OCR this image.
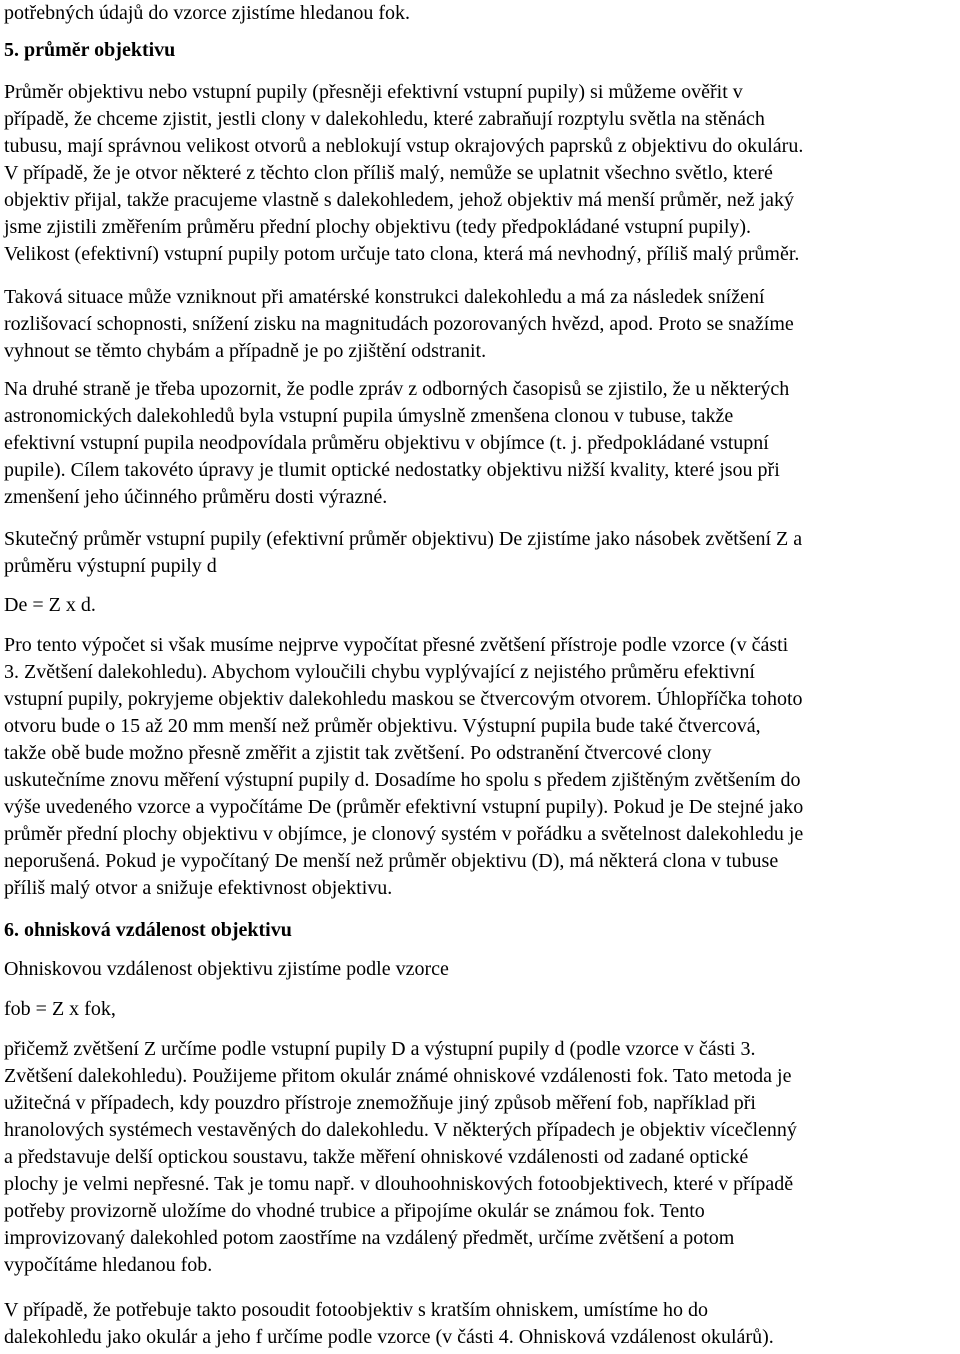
potřebných údajů do vzorce zjistíme hledanou fok.
5. průměr objektivu
Průměr objektivu nebo vstupní pupily (přesněji efektivní vstupní pupily) si můžeme ověřit v
případě, že chceme zjistit, jestli clony v dalekohledu, které zabraňují rozptylu světla na stěnách
tubusu, mají správnou velikost otvorů a neblokují vstup okrajových paprsků z objektivu do okuláru.
V případě, že je otvor některé z těchto clon příliš malý, nemůže se uplatnit všechno světlo, které
objektiv přijal, takže pracujeme vlastně s dalekohledem, jehož objektiv má menší průměr, než jaký
jsme zjistili změřením průměru přední plochy objektivu (tedy předpokládané vstupní pupily).
Velikost (efektivní) vstupní pupily potom určuje tato clona, která má nevhodný, příliš malý průměr.
Taková situace může vzniknout při amatérské konstrukci dalekohledu a má za následek snížení
rozlišovací schopnosti, snížení zisku na magnitudách pozorovaných hvězd, apod. Proto se snažíme
vyhnout se těmto chybám a případně je po zjištění odstranit.
Na druhé straně je třeba upozornit, že podle zpráv z odborných časopisů se zjistilo, že u některých
astronomických dalekohledů byla vstupní pupila úmyslně zmenšena clonou v tubuse, takže
efektivní vstupní pupila neodpovídala průměru objektivu v objímce (t. j. předpokládané vstupní
pupile). Cílem takovéto úpravy je tlumit optické nedostatky objektivu nižší kvality, které jsou při
zmenšení jeho účinného průměru dosti výrazné.
Skutečný průměr vstupní pupily (efektivní průměr objektivu) De zjistíme jako násobek zvětšení Z a
průměru výstupní pupily d
De = Z x d.
Pro tento výpočet si však musíme nejprve vypočítat přesné zvětšení přístroje podle vzorce (v části
3. Zvětšení dalekohledu). Abychom vyloučili chybu vyplývající z nejistého průměru efektivní
vstupní pupily, pokryjeme objektiv dalekohledu maskou se čtvercovým otvorem. Úhlopříčka tohoto
otvoru bude o 15 až 20 mm menší než průměr objektivu. Výstupní pupila bude také čtvercová,
takže obě bude možno přesně změřit a zjistit tak zvětšení. Po odstranění čtvercové clony
uskutečníme znovu měření výstupní pupily d. Dosadíme ho spolu s předem zjištěným zvětšením do
výše uvedeného vzorce a vypočítáme De (průměr efektivní vstupní pupily). Pokud je De stejné jako
průměr přední plochy objektivu v objímce, je clonový systém v pořádku a světelnost dalekohledu je
neporušená. Pokud je vypočítaný De menší než průměr objektivu (D), má některá clona v tubuse
příliš malý otvor a snižuje efektivnost objektivu.
6. ohnisková vzdálenost objektivu
Ohniskovou vzdálenost objektivu zjistíme podle vzorce
fob = Z x fok,
přičemž zvětšení Z určíme podle vstupní pupily D a výstupní pupily d (podle vzorce v části 3.
Zvětšení dalekohledu). Použijeme přitom okulár známé ohniskové vzdálenosti fok. Tato metoda je
užitečná v případech, kdy pouzdro přístroje znemožňuje jiný způsob měření fob, například při
hranolových systémech vestavěných do dalekohledu. V některých případech je objektiv vícečlenný
a představuje delší optickou soustavu, takže měření ohniskové vzdálenosti od zadané optické
plochy je velmi nepřesné. Tak je tomu např. v dlouhoohniskových fotoobjektivech, které v případě
potřeby provizorně uložíme do vhodné trubice a připojíme okulár se známou fok. Tento
improvizovaný dalekohled potom zaostříme na vzdálený předmět, určíme zvětšení a potom
vypočítáme hledanou fob.
V případě, že potřebuje takto posoudit fotoobjektiv s kratším ohniskem, umístíme ho do
dalekohledu jako okulár a jeho f určíme podle vzorce (v části 4. Ohnisková vzdálenost okulárů).
